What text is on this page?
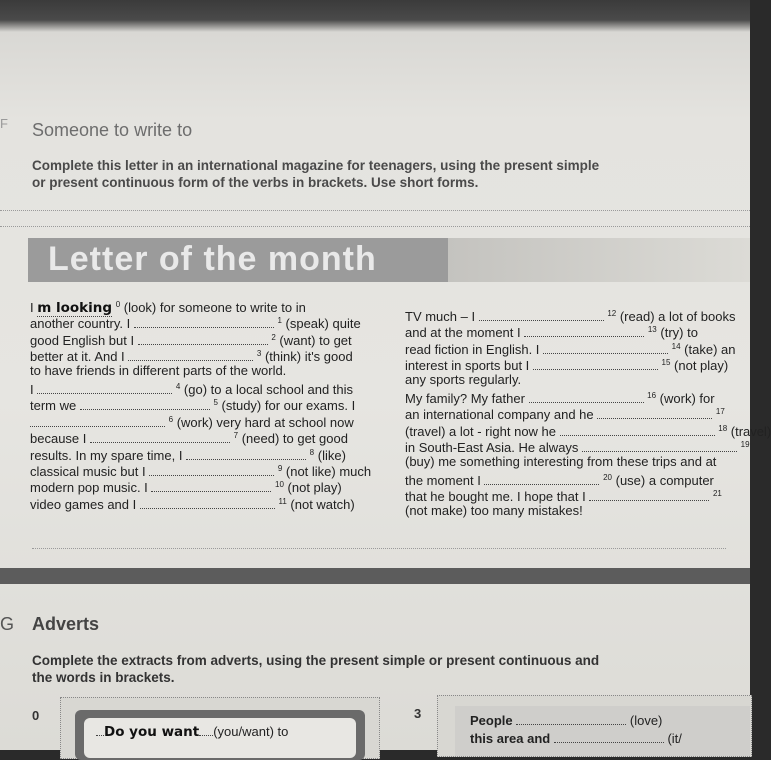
F Someone to write to
Complete this letter in an international magazine for teenagers, using the present simple or present continuous form of the verbs in brackets. Use short forms.
Letter of the month
I m looking $^0$ (look) for someone to write to in
another country. I	$^1$ (speak) quite
good English but I	$^2$ (want) to get
better at it. And I	$^3$ (think) it's good
to have friends in different parts of the world.
I	$^4$ (go) to a local school and this
term we	$^5$ (study) for our exams. I
$^6$ (work) very hard at school now
because I	$^7$ (need) to get good
results. In my spare time, I	$^8$ (like)
classical music but I	$^9$ (not like) much
modern pop music. I	$^{10}$ (not play)
video games and I	$^{11}$ (not watch)
TV much – I	$^{12}$ (read) a lot of books
and at the moment I	$^{13}$ (try) to
read fiction in English. I	$^{14}$ (take) an
interest in sports but I	$^{15}$ (not play)
any sports regularly.
My family? My father	$^{16}$ (work) for
an international company and he	$^{17}$
(travel) a lot - right now he	$^{18}$ (travel)
in South-East Asia. He always	$^{19}$
(buy) me something interesting from these trips and at
the moment I	$^{20}$ (use) a computer
that he bought me. I hope that I	$^{21}$
(not make) too many mistakes!
G Adverts
Complete the extracts from adverts, using the present simple or present continuous and the words in brackets.
0
Do you want (you/want) to
3	People	(love)
this area and	(it/
